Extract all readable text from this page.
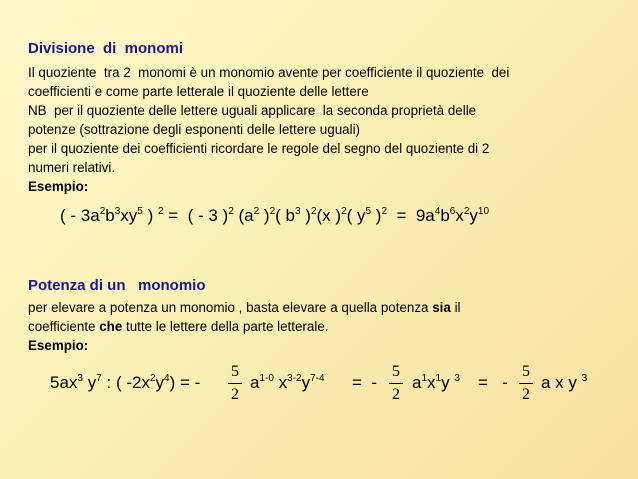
Divisione  di  monomi
Il quoziente  tra 2  monomi è un monomio avente per coefficiente il quoziente  dei
coefficienti e come parte letterale il quoziente delle lettere
NB  per il quoziente delle lettere uguali applicare  la seconda proprietà delle
potenze (sottrazione degli esponenti delle lettere uguali)
per il quoziente dei coefficienti ricordare le regole del segno del quoziente di 2
numeri relativi.
Esempio:
( - $3a^2b^3xy^5$ ) $^2$ =  ( - 3 )$^2$ ($a^2$ )$^2$( $b^3$ )$^2$(x )$^2$( $y^5$ )$^2 = 9a^4b^6x^2y^{10}$
Potenza di un   monomio
per elevare a potenza un monomio , basta elevare a quella potenza sia il
coefficiente che tutte le lettere della parte letterale.
Esempio:
$5ax^3$ $y^7$ : ( $-2x^2y^4$) = -
5
2
$a^{1-0}$ $x^{3-2}y^{7-4}$ =  -
5
2
$a^1x^1y$ $^3$ =   -
5
2
a x y $^3$
